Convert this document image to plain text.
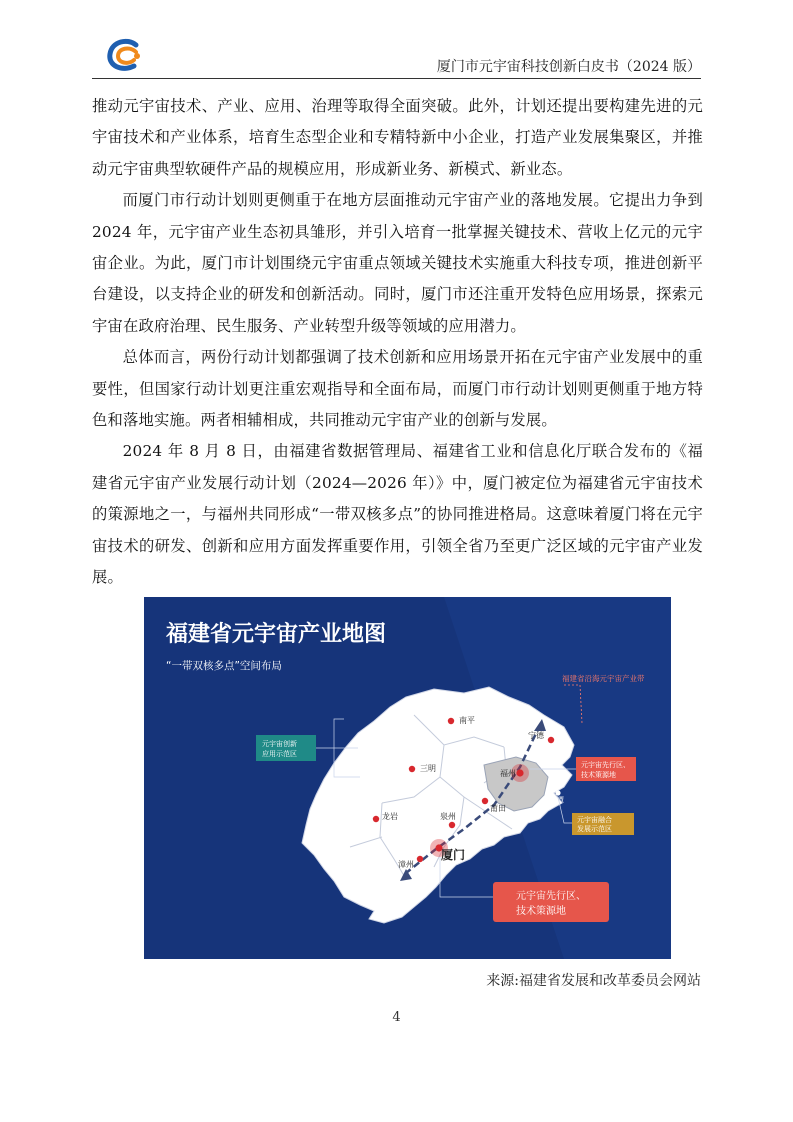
厦门市元宇宙科技创新白皮书（2024 版）

推动元宇宙技术、产业、应用、治理等取得全面突破。此外，计划还提出要构建先进的元宇宙技术和产业体系，培育生态型企业和专精特新中小企业，打造产业发展集聚区，并推动元宇宙典型软硬件产品的规模应用，形成新业务、新模式、新业态。

而厦门市行动计划则更侧重于在地方层面推动元宇宙产业的落地发展。它提出力争到 2024 年，元宇宙产业生态初具雏形，并引入培育一批掌握关键技术、营收上亿元的元宇宙企业。为此，厦门市计划围绕元宇宙重点领域关键技术实施重大科技专项，推进创新平台建设，以支持企业的研发和创新活动。同时，厦门市还注重开发特色应用场景，探索元宇宙在政府治理、民生服务、产业转型升级等领域的应用潜力。

总体而言，两份行动计划都强调了技术创新和应用场景开拓在元宇宙产业发展中的重要性，但国家行动计划更注重宏观指导和全面布局，而厦门市行动计划则更侧重于地方特色和落地实施。两者相辅相成，共同推动元宇宙产业的创新与发展。

2024 年 8 月 8 日，由福建省数据管理局、福建省工业和信息化厅联合发布的《福建省元宇宙产业发展行动计划（2024—2026 年）》中，厦门被定位为福建省元宇宙技术的策源地之一，与福州共同形成“一带双核多点”的协同推进格局。这意味着厦门将在元宇宙技术的研发、创新和应用方面发挥重要作用，引领全省乃至更广泛区域的元宇宙产业发展。

福建省元宇宙产业地图
“一带双核多点”空间布局
福建省沿海元宇宙产业带
南平
宁德
三明
福州
莆田
平潭
龙岩	泉州
厦门
漳州
元宇宙创新
应用示范区
元宇宙先行区、
技术策源地
元宇宙融合
发展示范区
元宇宙先行区、
技术策源地
来源:福建省发展和改革委员会网站
4
